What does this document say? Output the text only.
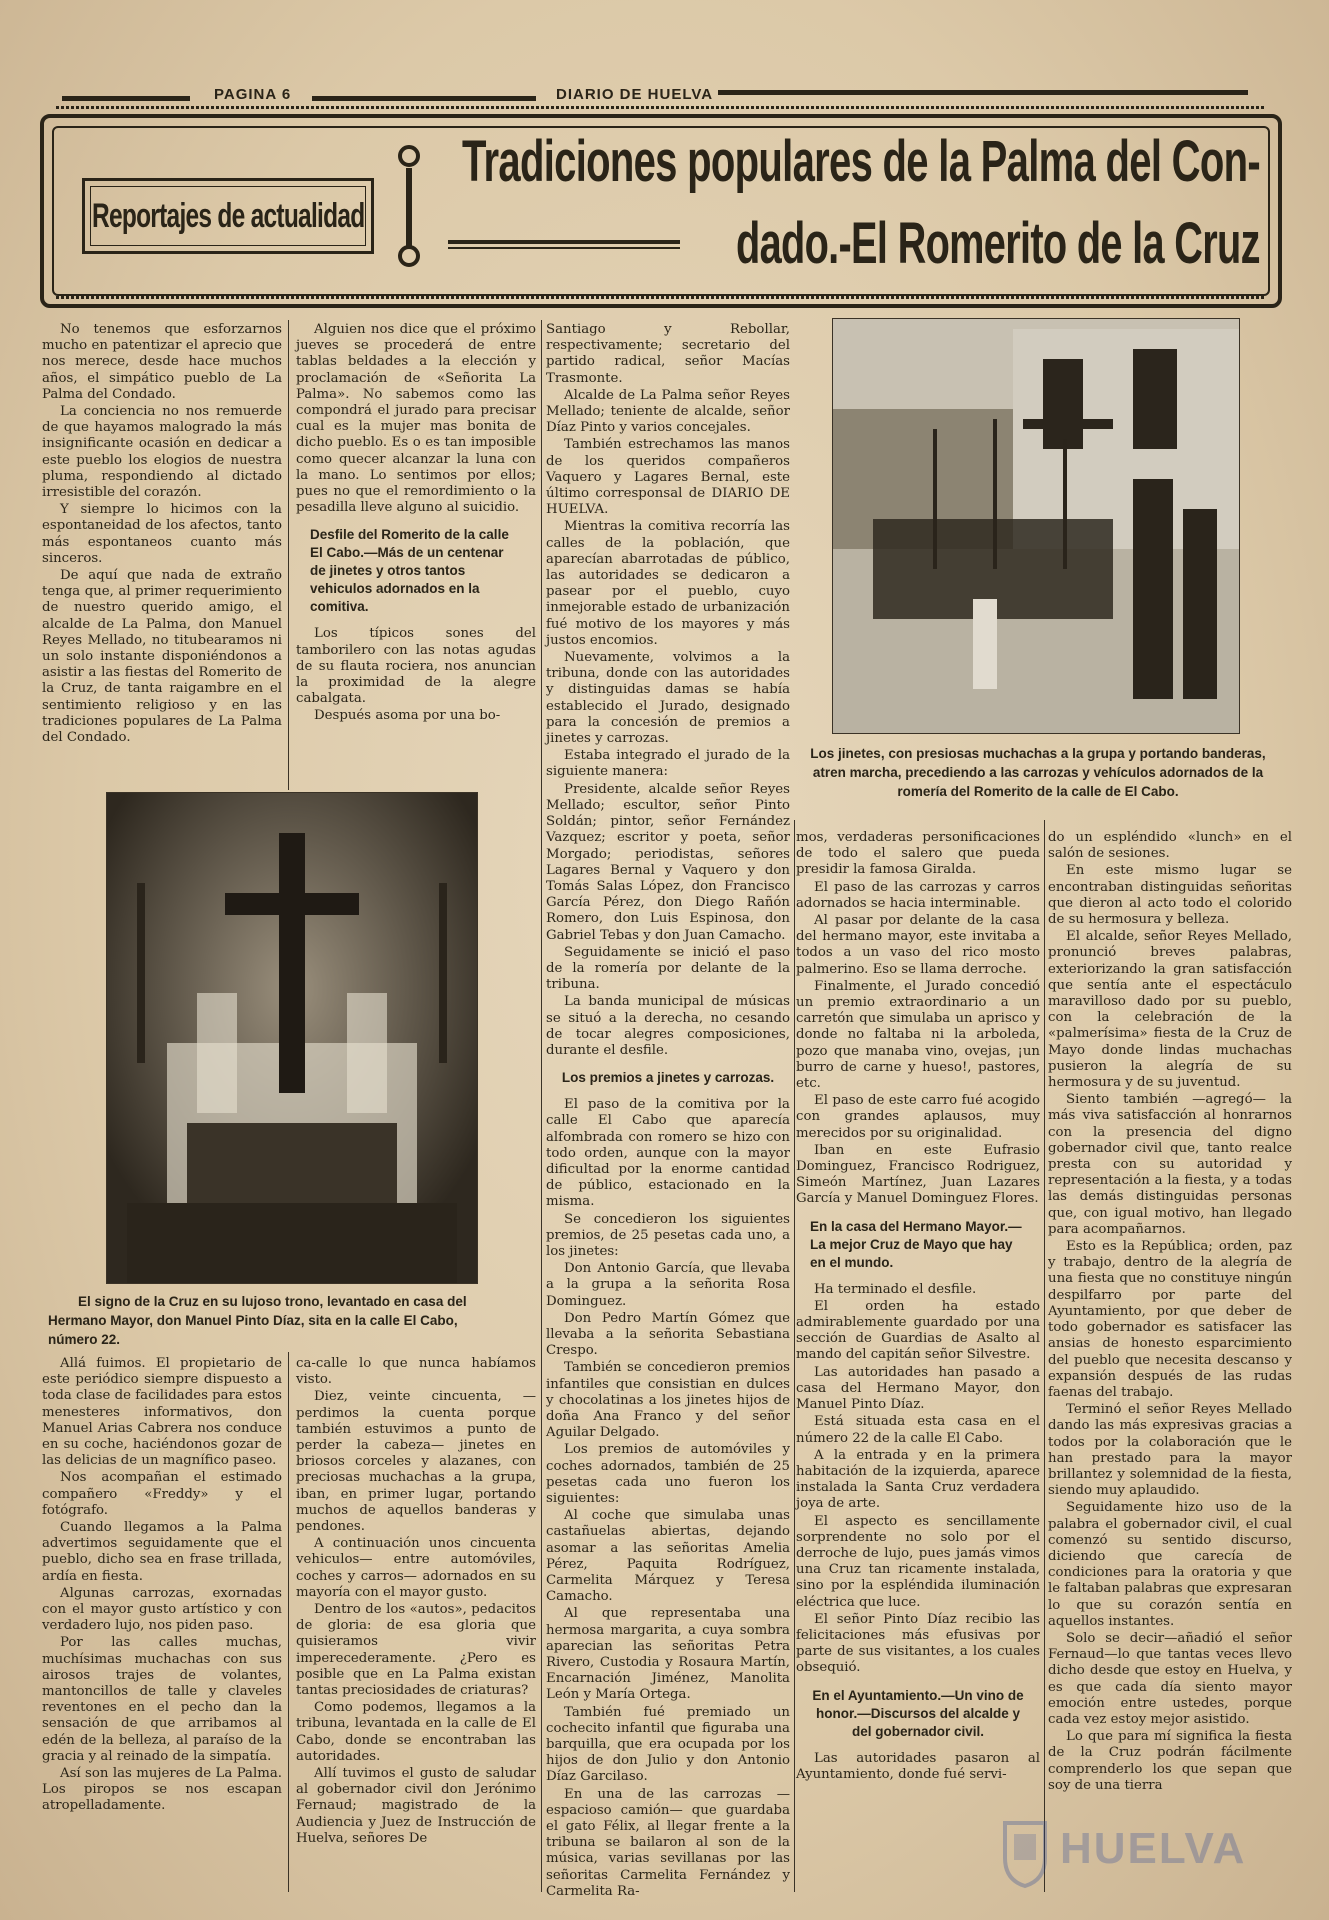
PAGINA 6	DIARIO DE HUELVA
Reportajes de actualidad
Tradiciones populares de la Palma del Con-
dado.-El Romerito de la Cruz

No tenemos que esforzarnos mucho en patentizar el aprecio que nos merece, desde hace muchos años, el simpático pueblo de La Palma del Condado.

La conciencia no nos remuerde de que hayamos malogrado la más insignificante ocasión en dedicar a este pueblo los elogios de nuestra pluma, respondiendo al dictado irresistible del corazón.

Y siempre lo hicimos con la espontaneidad de los afectos, tanto más espontaneos cuanto más sinceros.

De aquí que nada de extraño tenga que, al primer requerimiento de nuestro querido amigo, el alcalde de La Palma, don Manuel Reyes Mellado, no titubearamos ni un solo instante disponiéndonos a asistir a las fiestas del Romerito de la Cruz, de tanta raigambre en el sentimiento religioso y en las tradiciones populares de La Palma del Condado.

Alguien nos dice que el próximo jueves se procederá de entre tablas beldades a la elección y proclamación de «Señorita La Palma». No sabemos como las compondrá el jurado para precisar cual es la mujer mas bonita de dicho pueblo. Es o es tan imposible como quecer alcanzar la luna con la mano. Lo sentimos por ellos; pues no que el remordimiento o la pesadilla lleve alguno al suicidio.

Desfile del Romerito de la calle El Cabo.—Más de un centenar de jinetes y otros tantos vehiculos adornados en la comitiva.

Los típicos sones del tamborilero con las notas agudas de su flauta rociera, nos anuncian la proximidad de la alegre cabalgata.

Después asoma por una bo-

El signo de la Cruz en su lujoso trono, levantado en casa del Hermano Mayor, don Manuel Pinto Díaz, sita en la calle El Cabo, número 22.

Allá fuimos. El propietario de este periódico siempre dispuesto a toda clase de facilidades para estos menesteres informativos, don Manuel Arias Cabrera nos conduce en su coche, haciéndonos gozar de las delicias de un magnífico paseo.

Nos acompañan el estimado compañero «Freddy» y el fotógrafo.

Cuando llegamos a la Palma advertimos seguidamente que el pueblo, dicho sea en frase trillada, ardía en fiesta.

Algunas carrozas, exornadas con el mayor gusto artístico y con verdadero lujo, nos piden paso.

Por las calles muchas, muchísimas muchachas con sus airosos trajes de volantes, mantoncillos de talle y claveles reventones en el pecho dan la sensación de que arribamos al edén de la belleza, al paraíso de la gracia y al reinado de la simpatía.

Así son las mujeres de La Palma. Los piropos se nos escapan atropelladamente.

ca-calle lo que nunca habíamos visto.

Diez, veinte cincuenta, —perdimos la cuenta porque también estuvimos a punto de perder la cabeza— jinetes en briosos corceles y alazanes, con preciosas muchachas a la grupa, iban, en primer lugar, portando muchos de aquellos banderas y pendones.

A continuación unos cincuenta vehiculos— entre automóviles, coches y carros— adornados en su mayoría con el mayor gusto.

Dentro de los «autos», pedacitos de gloria: de esa gloria que quisieramos vivir imperecederamente. ¿Pero es posible que en La Palma existan tantas preciosidades de criaturas?

Como podemos, llegamos a la tribuna, levantada en la calle de El Cabo, donde se encontraban las autoridades.

Allí tuvimos el gusto de saludar al gobernador civil don Jerónimo Fernaud; magistrado de la Audiencia y Juez de Instrucción de Huelva, señores De

Santiago y Rebollar, respectivamente; secretario del partido radical, señor Macías Trasmonte.

Alcalde de La Palma señor Reyes Mellado; teniente de alcalde, señor Díaz Pinto y varios concejales.

También estrechamos las manos de los queridos compañeros Vaquero y Lagares Bernal, este último corresponsal de DIARIO DE HUELVA.

Mientras la comitiva recorría las calles de la población, que aparecían abarrotadas de público, las autoridades se dedicaron a pasear por el pueblo, cuyo inmejorable estado de urbanización fué motivo de los mayores y más justos encomios.

Nuevamente, volvimos a la tribuna, donde con las autoridades y distinguidas damas se había establecido el Jurado, designado para la concesión de premios a jinetes y carrozas.

Estaba integrado el jurado de la siguiente manera:

Presidente, alcalde señor Reyes Mellado; escultor, señor Pinto Soldán; pintor, señor Fernández Vazquez; escritor y poeta, señor Morgado; periodistas, señores Lagares Bernal y Vaquero y don Tomás Salas López, don Francisco García Pérez, don Diego Rañón Romero, don Luis Espinosa, don Gabriel Tebas y don Juan Camacho.

Seguidamente se inició el paso de la romería por delante de la tribuna.

La banda municipal de músicas se situó a la derecha, no cesando de tocar alegres composiciones, durante el desfile.

Los premios a jinetes y carrozas.

El paso de la comitiva por la calle El Cabo que aparecía alfombrada con romero se hizo con todo orden, aunque con la mayor dificultad por la enorme cantidad de público, estacionado en la misma.

Se concedieron los siguientes premios, de 25 pesetas cada uno, a los jinetes:

Don Antonio García, que llevaba a la grupa a la señorita Rosa Dominguez.

Don Pedro Martín Gómez que llevaba a la señorita Sebastiana Crespo.

También se concedieron premios infantiles que consistian en dulces y chocolatinas a los jinetes hijos de doña Ana Franco y del señor Aguilar Delgado.

Los premios de automóviles y coches adornados, también de 25 pesetas cada uno fueron los siguientes:

Al coche que simulaba unas castañuelas abiertas, dejando asomar a las señoritas Amelia Pérez, Paquita Rodríguez, Carmelita Márquez y Teresa Camacho.

Al que representaba una hermosa margarita, a cuya sombra aparecian las señoritas Petra Rivero, Custodia y Rosaura Martín, Encarnación Jiménez, Manolita León y María Ortega.

También fué premiado un cochecito infantil que figuraba una barquilla, que era ocupada por los hijos de don Julio y don Antonio Díaz Garcilaso.

En una de las carrozas —espacioso camión— que guardaba el gato Félix, al llegar frente a la tribuna se bailaron al son de la música, varias sevillanas por las señoritas Carmelita Fernández y Carmelita Ra-

Los jinetes, con presiosas muchachas a la grupa y portando banderas, atren marcha, precediendo a las carrozas y vehículos adornados de la romería del Romerito de la calle de El Cabo.

mos, verdaderas personificaciones de todo el salero que pueda presidir la famosa Giralda.

El paso de las carrozas y carros adornados se hacia interminable.

Al pasar por delante de la casa del hermano mayor, este invitaba a todos a un vaso del rico mosto palmerino. Eso se llama derroche.

Finalmente, el Jurado concedió un premio extraordinario a un carretón que simulaba un aprisco y donde no faltaba ni la arboleda, pozo que manaba vino, ovejas, ¡un burro de carne y hueso!, pastores, etc.

El paso de este carro fué acogido con grandes aplausos, muy merecidos por su originalidad.

Iban en este Eufrasio Dominguez, Francisco Rodriguez, Simeón Martínez, Juan Lazares García y Manuel Dominguez Flores.

En la casa del Hermano Mayor.—La mejor Cruz de Mayo que hay en el mundo.

Ha terminado el desfile.

El orden ha estado admirablemente guardado por una sección de Guardias de Asalto al mando del capitán señor Silvestre.

Las autoridades han pasado a casa del Hermano Mayor, don Manuel Pinto Díaz.

Está situada esta casa en el número 22 de la calle El Cabo.

A la entrada y en la primera habitación de la izquierda, aparece instalada la Santa Cruz verdadera joya de arte.

El aspecto es sencillamente sorprendente no solo por el derroche de lujo, pues jamás vimos una Cruz tan ricamente instalada, sino por la espléndida iluminación eléctrica que luce.

El señor Pinto Díaz recibio las felicitaciones más efusivas por parte de sus visitantes, a los cuales obsequió.

En el Ayuntamiento.—Un vino de honor.—Discursos del alcalde y del gobernador civil.

Las autoridades pasaron al Ayuntamiento, donde fué servi-

do un espléndido «lunch» en el salón de sesiones.

En este mismo lugar se encontraban distinguidas señoritas que dieron al acto todo el colorido de su hermosura y belleza.

El alcalde, señor Reyes Mellado, pronunció breves palabras, exteriorizando la gran satisfacción que sentía ante el espectáculo maravilloso dado por su pueblo, con la celebración de la «palmerísima» fiesta de la Cruz de Mayo donde lindas muchachas pusieron la alegría de su hermosura y de su juventud.

Siento también —agregó— la más viva satisfacción al honrarnos con la presencia del digno gobernador civil que, tanto realce presta con su autoridad y representación a la fiesta, y a todas las demás distinguidas personas que, con igual motivo, han llegado para acompañarnos.

Esto es la República; orden, paz y trabajo, dentro de la alegría de una fiesta que no constituye ningún despilfarro por parte del Ayuntamiento, por que deber de todo gobernador es satisfacer las ansias de honesto esparcimiento del pueblo que necesita descanso y expansión después de las rudas faenas del trabajo.

Terminó el señor Reyes Mellado dando las más expresivas gracias a todos por la colaboración que le han prestado para la mayor brillantez y solemnidad de la fiesta, siendo muy aplaudido.

Seguidamente hizo uso de la palabra el gobernador civil, el cual comenzó su sentido discurso, diciendo que carecía de condiciones para la oratoria y que le faltaban palabras que expresaran lo que su corazón sentía en aquellos instantes.

Solo se decir—añadió el señor Fernaud—lo que tantas veces llevo dicho desde que estoy en Huelva, y es que cada día siento mayor emoción entre ustedes, porque cada vez estoy mejor asistido.

Lo que para mí significa la fiesta de la Cruz podrán fácilmente comprenderlo los que sepan que soy de una tierra

HUELVA
